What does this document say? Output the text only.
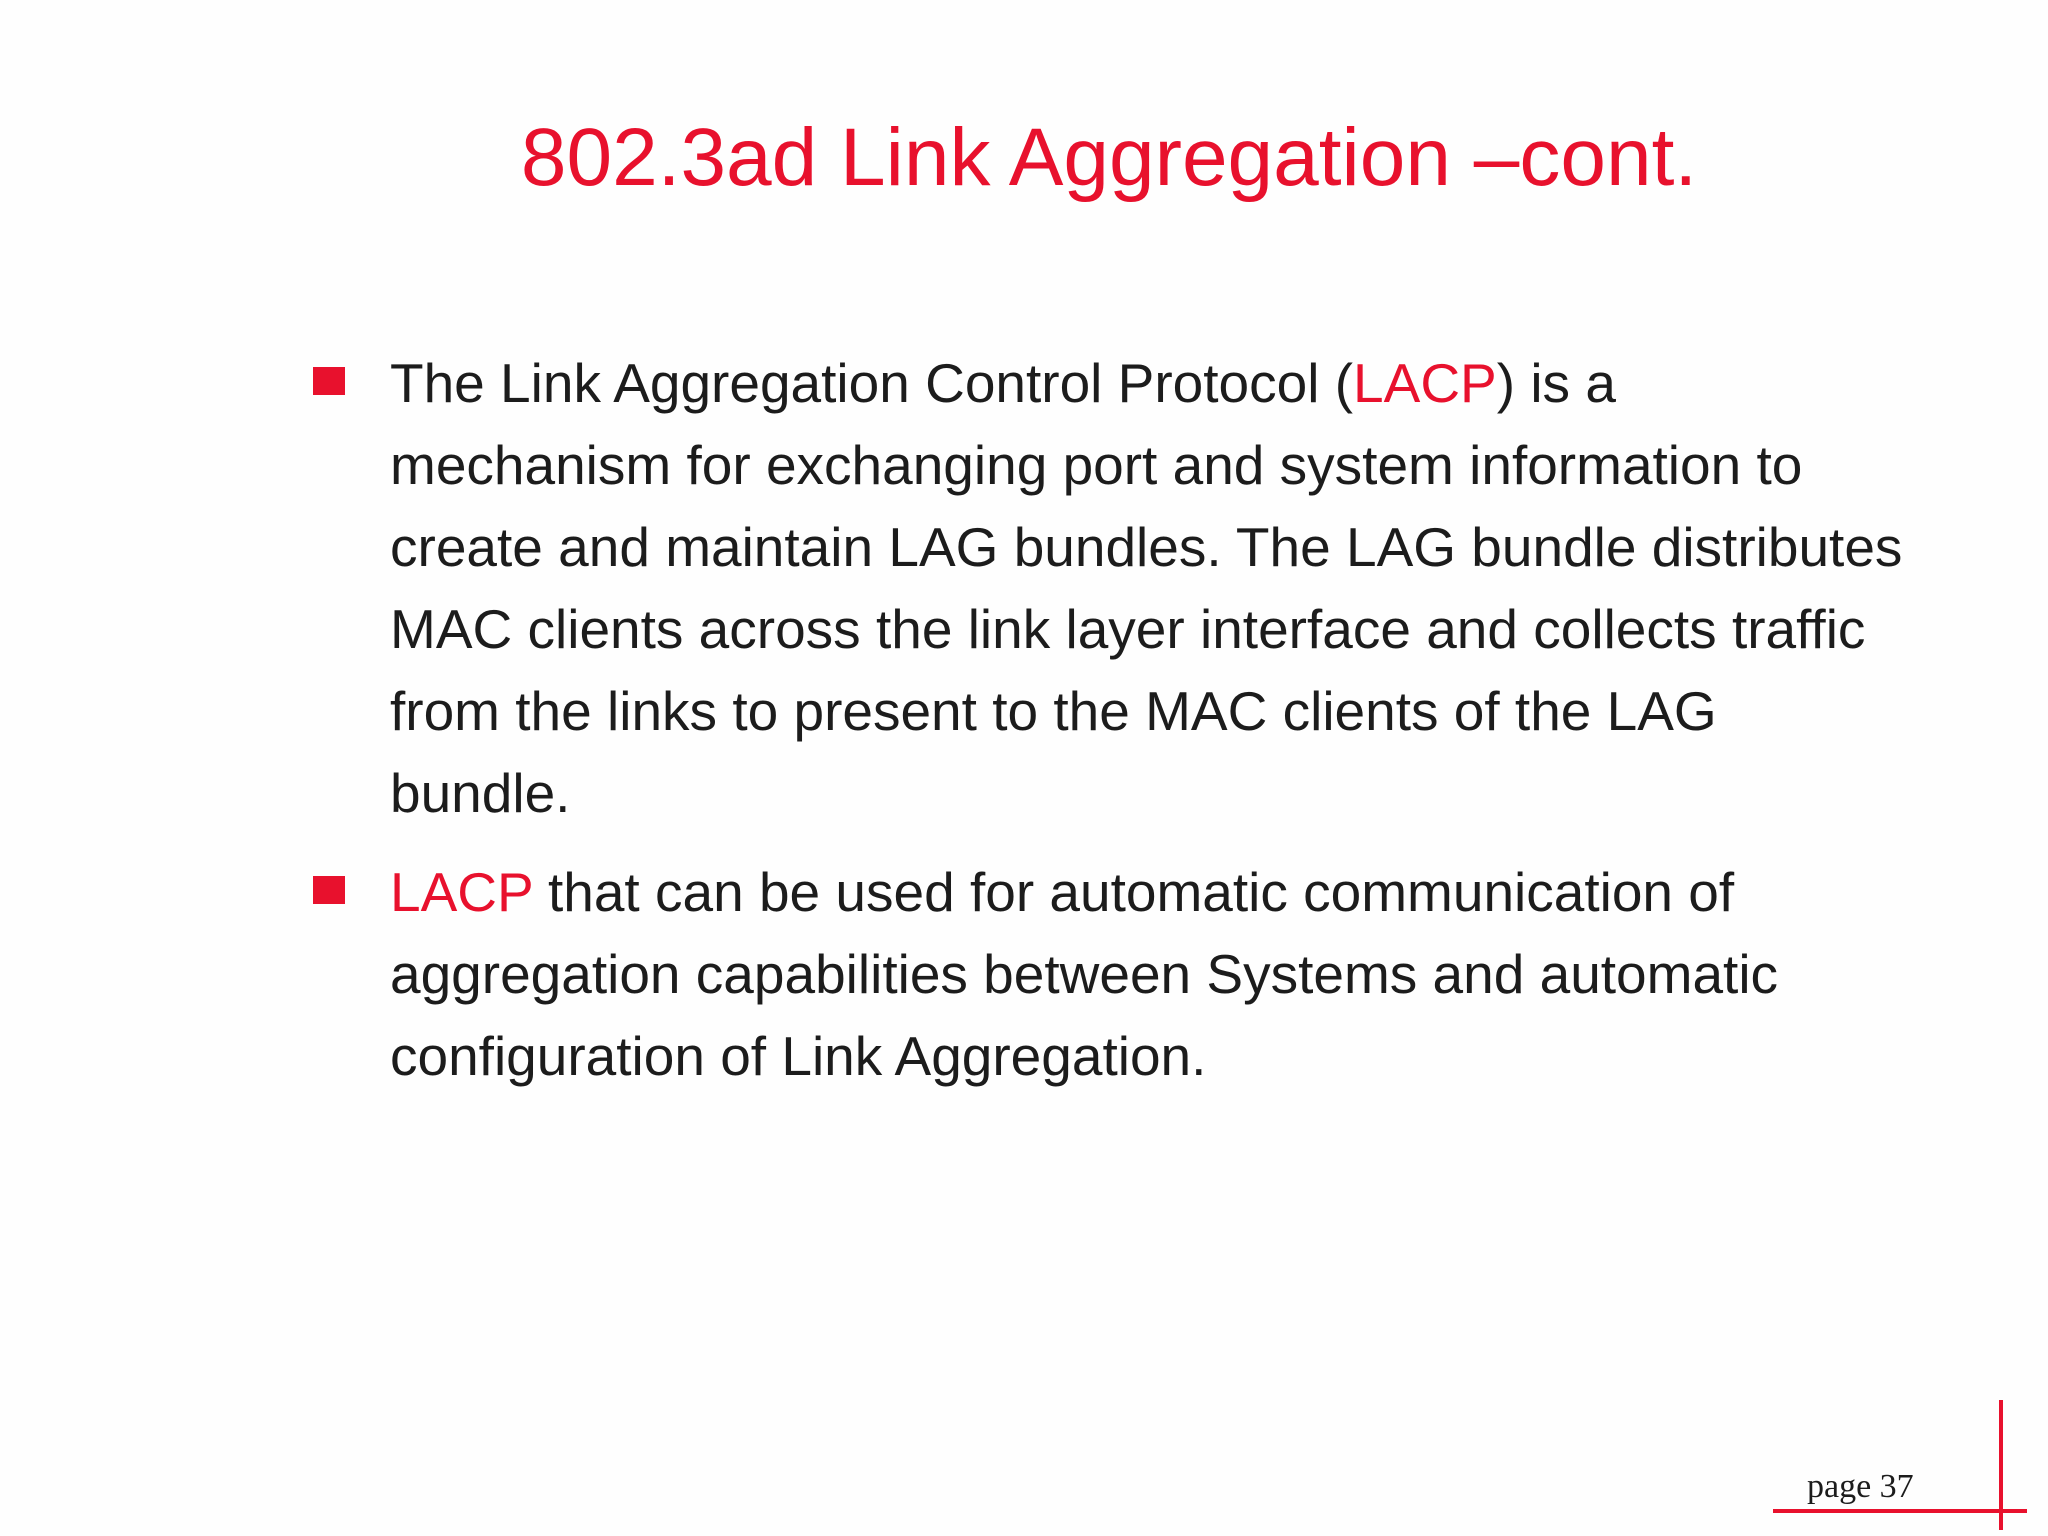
802.3ad Link Aggregation –cont.
The Link Aggregation Control Protocol (LACP) is a
mechanism for exchanging port and system information to
create and maintain LAG bundles. The LAG bundle distributes
MAC clients across the link layer interface and collects traffic
from the links to present to the MAC clients of the LAG
bundle.
LACP that can be used for automatic communication of
aggregation capabilities between Systems and automatic
configuration of Link Aggregation.
page 37
